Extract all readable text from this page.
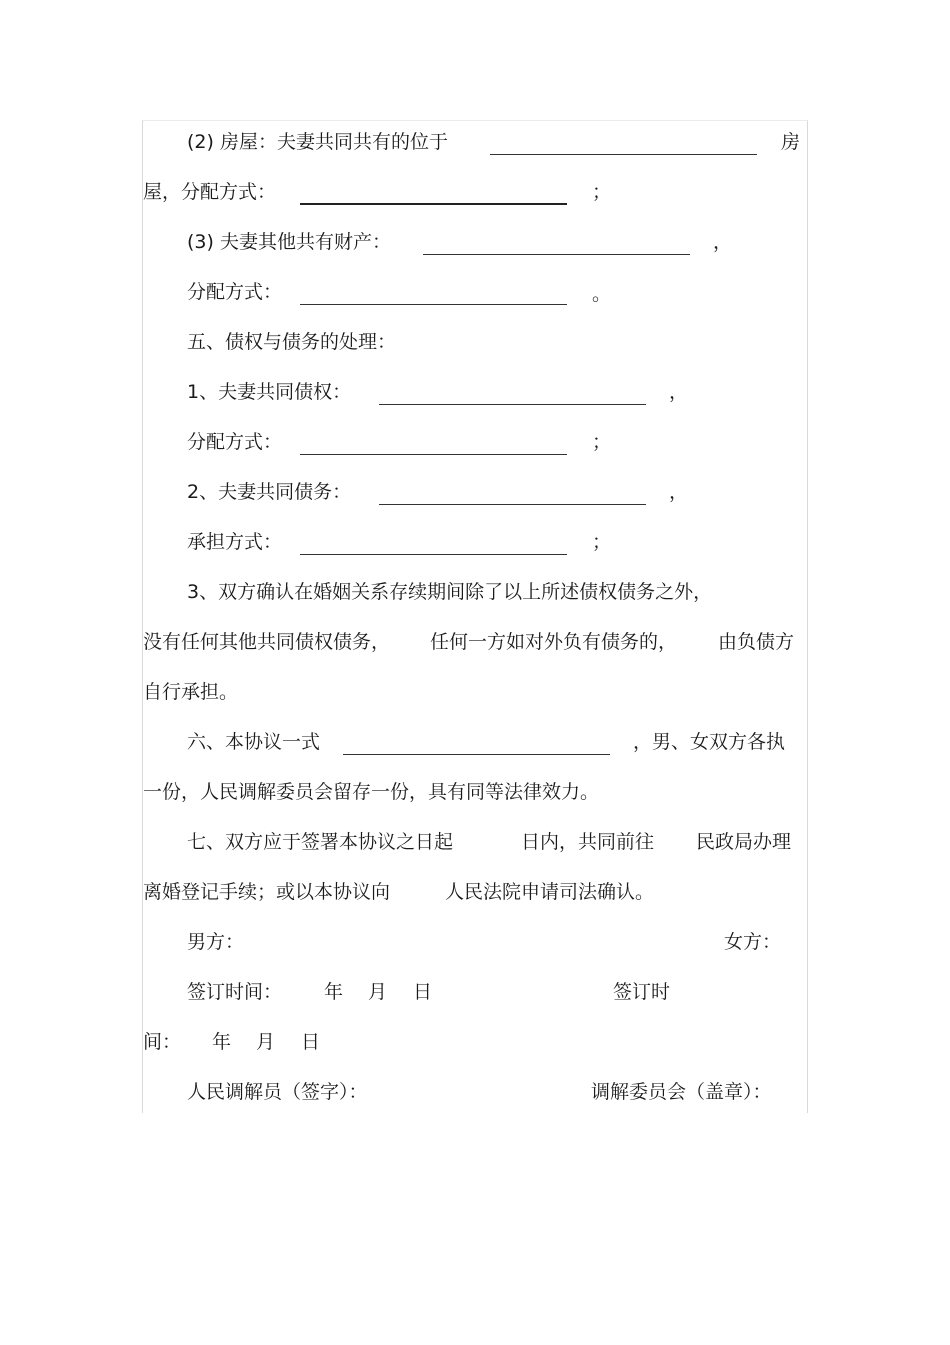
(2) 房屋：夫妻共同共有的位于	房
屋，分配方式：	；
(3) 夫妻其他共有财产：	，
分配方式：	。
五、债权与债务的处理：
1、夫妻共同债权：	，
分配方式：	；
2、夫妻共同债务：	，
承担方式：	；
3、双方确认在婚姻关系存续期间除了以上所述债权债务之外，
没有任何其他共同债权债务， 任何一方如对外负有债务的， 由负债方
自行承担。
六、本协议一式	，男、女双方各执
一份，人民调解委员会留存一份，具有同等法律效力。
七、双方应于签署本协议之日起	日内，共同前往 民政局办理
离婚登记手续；或以本协议向	人民法院申请司法确认。
男方：	女方：
签订时间： 年 月 日	签订时
间： 年 月 日
人民调解员（签字）：	调解委员会（盖章）：
